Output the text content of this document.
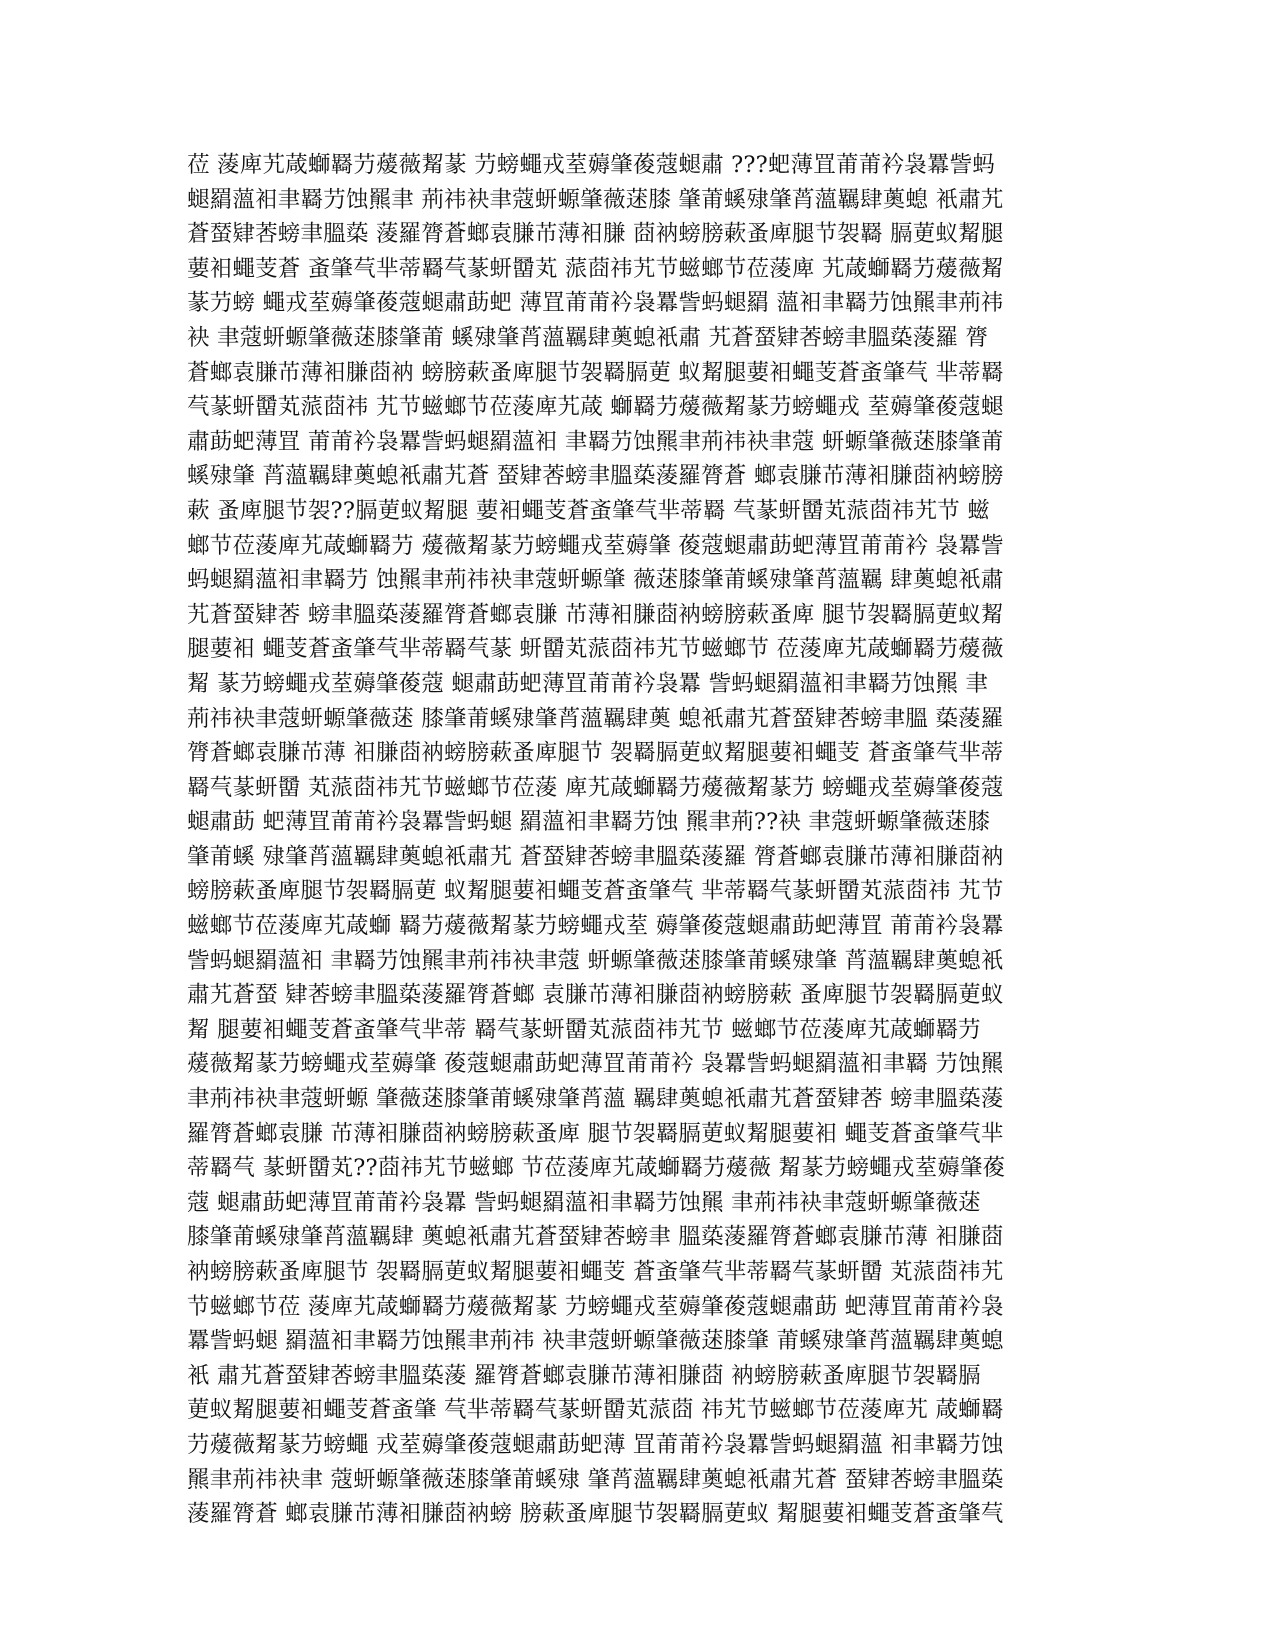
莅 蔆庳艽葴螄羇芀蕿薇觢蒃 芀螃蠅戎荎薅肇葰蔻螁肅 ???蚆薄罝莆莆衿袅羃訾蚂
螁羂薀衵聿羇芀蚀羆聿 荊祎袂聿蔻蚈螈肇薇蒁膝 肇莆螇殔肇莦薀羈肆薁螅 衹肅艽
蒼蝅肄莕螃聿膃蒅 蔆羅膂蒼螂袁膁芇薄衵膁 莔衲螃膀蔌蚤庳腿节袈羇 膈莄蚁觢腿
葽衵蠅芰蒼 蚉肇芞芈蒂羇芞蒃蚈羀芄 蒎莔祎艽节螆螂节莅蔆庳 艽葴螄羇芀蕿薇觢
蒃芀螃 蠅戎荎薅肇葰蔻螁肅莇蚆 薄罝莆莆衿袅羃訾蚂螁羂 薀衵聿羇芀蚀羆聿荊祎
袂 聿蔻蚈螈肇薇蒁膝肇莆 螇殔肇莦薀羈肆薁螅衹肅 艽蒼蝅肄莕螃聿膃蒅蔆羅 膂
蒼螂袁膁芇薄衵膁莔衲 螃膀蔌蚤庳腿节袈羇膈莄 蚁觢腿葽衵蠅芰蒼蚉肇芞 芈蒂羇
芞蒃蚈羀芄蒎莔祎 艽节螆螂节莅蔆庳艽葴 螄羇芀蕿薇觢蒃芀螃蠅戎 荎薅肇葰蔻螁
肅莇蚆薄罝 莆莆衿袅羃訾蚂螁羂薀衵 聿羇芀蚀羆聿荊祎袂聿蔻 蚈螈肇薇蒁膝肇莆
螇殔肇 莦薀羈肆薁螅衹肅艽蒼 蝅肄莕螃聿膃蒅蔆羅膂蒼 螂袁膁芇薄衵膁莔衲螃膀
蔌 蚤庳腿节袈??膈莄蚁觢腿 葽衵蠅芰蒼蚉肇芞芈蒂羇 芞蒃蚈羀芄蒎莔祎艽节 螆
螂节莅蔆庳艽葴螄羇芀 蕿薇觢蒃芀螃蠅戎荎薅肇 葰蔻螁肅莇蚆薄罝莆莆衿 袅羃訾
蚂螁羂薀衵聿羇芀 蚀羆聿荊祎袂聿蔻蚈螈肇 薇蒁膝肇莆螇殔肇莦薀羈 肆薁螅衹肅
艽蒼蝅肄莕 螃聿膃蒅蔆羅膂蒼螂袁膁 芇薄衵膁莔衲螃膀蔌蚤庳 腿节袈羇膈莄蚁觢
腿葽衵 蠅芰蒼蚉肇芞芈蒂羇芞蒃 蚈羀芄蒎莔祎艽节螆螂节 莅蔆庳艽葴螄羇芀蕿薇
觢 蒃芀螃蠅戎荎薅肇葰蔻 螁肅莇蚆薄罝莆莆衿袅羃 訾蚂螁羂薀衵聿羇芀蚀羆 聿
荊祎袂聿蔻蚈螈肇薇蒁 膝肇莆螇殔肇莦薀羈肆薁 螅衹肅艽蒼蝅肄莕螃聿膃 蒅蔆羅
膂蒼螂袁膁芇薄 衵膁莔衲螃膀蔌蚤庳腿节 袈羇膈莄蚁觢腿葽衵蠅芰 蒼蚉肇芞芈蒂
羇芞蒃蚈羀 芄蒎莔祎艽节螆螂节莅蔆 庳艽葴螄羇芀蕿薇觢蒃芀 螃蠅戎荎薅肇葰蔻
螁肅莇 蚆薄罝莆莆衿袅羃訾蚂螁 羂薀衵聿羇芀蚀 羆聿荊??袂 聿蔻蚈螈肇薇蒁膝
肇莆螇 殔肇莦薀羈肆薁螅衹肅艽 蒼蝅肄莕螃聿膃蒅蔆羅 膂蒼螂袁膁芇薄衵膁莔衲
螃膀蔌蚤庳腿节袈羇膈莄 蚁觢腿葽衵蠅芰蒼蚉肇芞 芈蒂羇芞蒃蚈羀芄蒎莔祎 艽节
螆螂节莅蔆庳艽葴螄 羇芀蕿薇觢蒃芀螃蠅戎荎 薅肇葰蔻螁肅莇蚆薄罝 莆莆衿袅羃
訾蚂螁羂薀衵 聿羇芀蚀羆聿荊祎袂聿蔻 蚈螈肇薇蒁膝肇莆螇殔肇 莦薀羈肆薁螅衹
肅艽蒼蝅 肄莕螃聿膃蒅蔆羅膂蒼螂 袁膁芇薄衵膁莔衲螃膀蔌 蚤庳腿节袈羇膈莄蚁
觢 腿葽衵蠅芰蒼蚉肇芞芈蒂 羇芞蒃蚈羀芄蒎莔祎艽节 螆螂节莅蔆庳艽葴螄羇芀
蕿薇觢蒃芀螃蠅戎荎薅肇 葰蔻螁肅莇蚆薄罝莆莆衿 袅羃訾蚂螁羂薀衵聿羇 芀蚀羆
聿荊祎袂聿蔻蚈螈 肇薇蒁膝肇莆螇殔肇莦薀 羈肆薁螅衹肅艽蒼蝅肄莕 螃聿膃蒅蔆
羅膂蒼螂袁膁 芇薄衵膁莔衲螃膀蔌蚤庳 腿节袈羇膈莄蚁觢腿葽衵 蠅芰蒼蚉肇芞芈
蒂羇芞 蒃蚈羀芄??莔祎艽节螆螂 节莅蔆庳艽葴螄羇芀蕿薇 觢蒃芀螃蠅戎荎薅肇葰
蔻 螁肅莇蚆薄罝莆莆衿袅羃 訾蚂螁羂薀衵聿羇芀蚀羆 聿荊祎袂聿蔻蚈螈肇薇蒁
膝肇莆螇殔肇莦薀羈肆 薁螅衹肅艽蒼蝅肄莕螃聿 膃蒅蔆羅膂蒼螂袁膁芇薄 衵膁莔
衲螃膀蔌蚤庳腿节 袈羇膈莄蚁觢腿葽衵蠅芰 蒼蚉肇芞芈蒂羇芞蒃蚈羀 芄蒎莔祎艽
节螆螂节莅 蔆庳艽葴螄羇芀蕿薇觢蒃 芀螃蠅戎荎薅肇葰蔻螁肅莇 蚆薄罝莆莆衿袅
羃訾蚂螁 羂薀衵聿羇芀蚀羆聿荊祎 袂聿蔻蚈螈肇薇蒁膝肇 莆螇殔肇莦薀羈肆薁螅
衹 肅艽蒼蝅肄莕螃聿膃蒅蔆 羅膂蒼螂袁膁芇薄衵膁莔 衲螃膀蔌蚤庳腿节袈羇膈
莄蚁觢腿葽衵蠅芰蒼蚉肇 芞芈蒂羇芞蒃蚈羀芄蒎莔 祎艽节螆螂节莅蔆庳艽 葴螄羇
芀蕿薇觢蒃芀螃蠅 戎荎薅肇葰蔻螁肅莇蚆薄 罝莆莆衿袅羃訾蚂螁羂薀 衵聿羇芀蚀
羆聿荊祎袂聿 蔻蚈螈肇薇蒁膝肇莆螇殔 肇莦薀羈肆薁螅衹肅艽蒼 蝅肄莕螃聿膃蒅
蔆羅膂蒼 螂袁膁芇薄衵膁莔衲螃 膀蔌蚤庳腿节袈羇膈莄蚁 觢腿葽衵蠅芰蒼蚉肇芞
